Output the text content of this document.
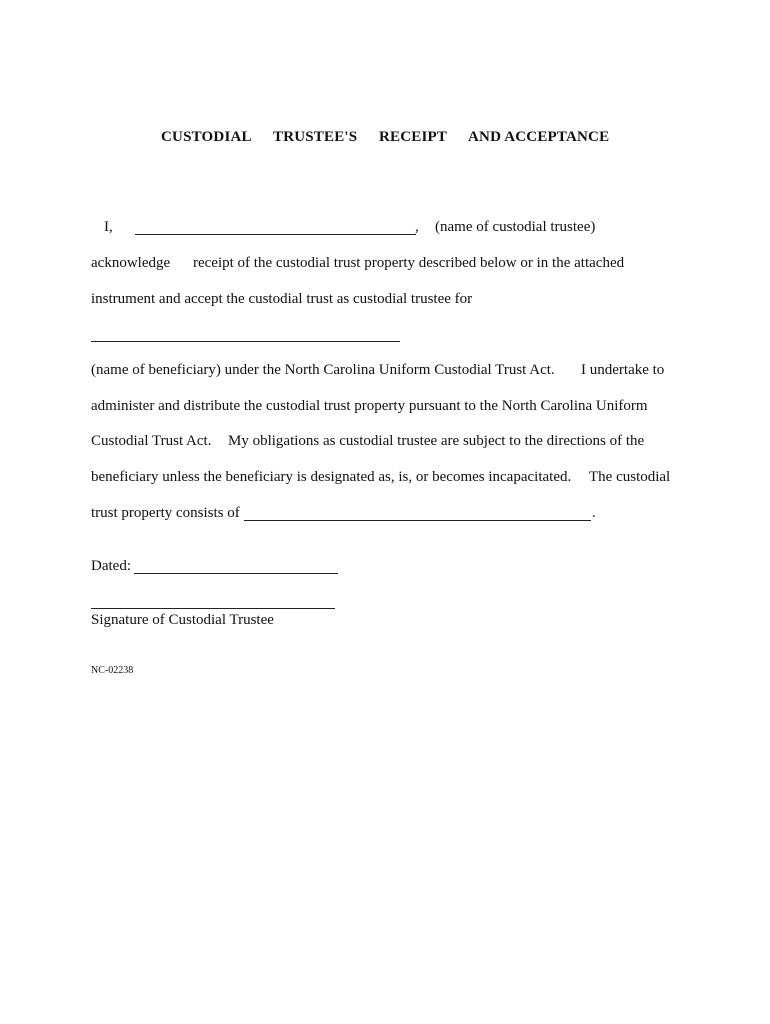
CUSTODIAL TRUSTEE'S RECEIPT AND ACCEPTANCE
I,	, (name of custodial trustee)
acknowledge receipt of the custodial trust property described below or in the attached
instrument and accept the custodial trust as custodial trustee for
(name of beneficiary) under the North Carolina Uniform Custodial Trust Act. I undertake to
administer and distribute the custodial trust property pursuant to the North Carolina Uniform
Custodial Trust Act. My obligations as custodial trustee are subject to the directions of the
beneficiary unless the beneficiary is designated as, is, or becomes incapacitated. The custodial
trust property consists of	.
Dated:
Signature of Custodial Trustee
NC-02238
